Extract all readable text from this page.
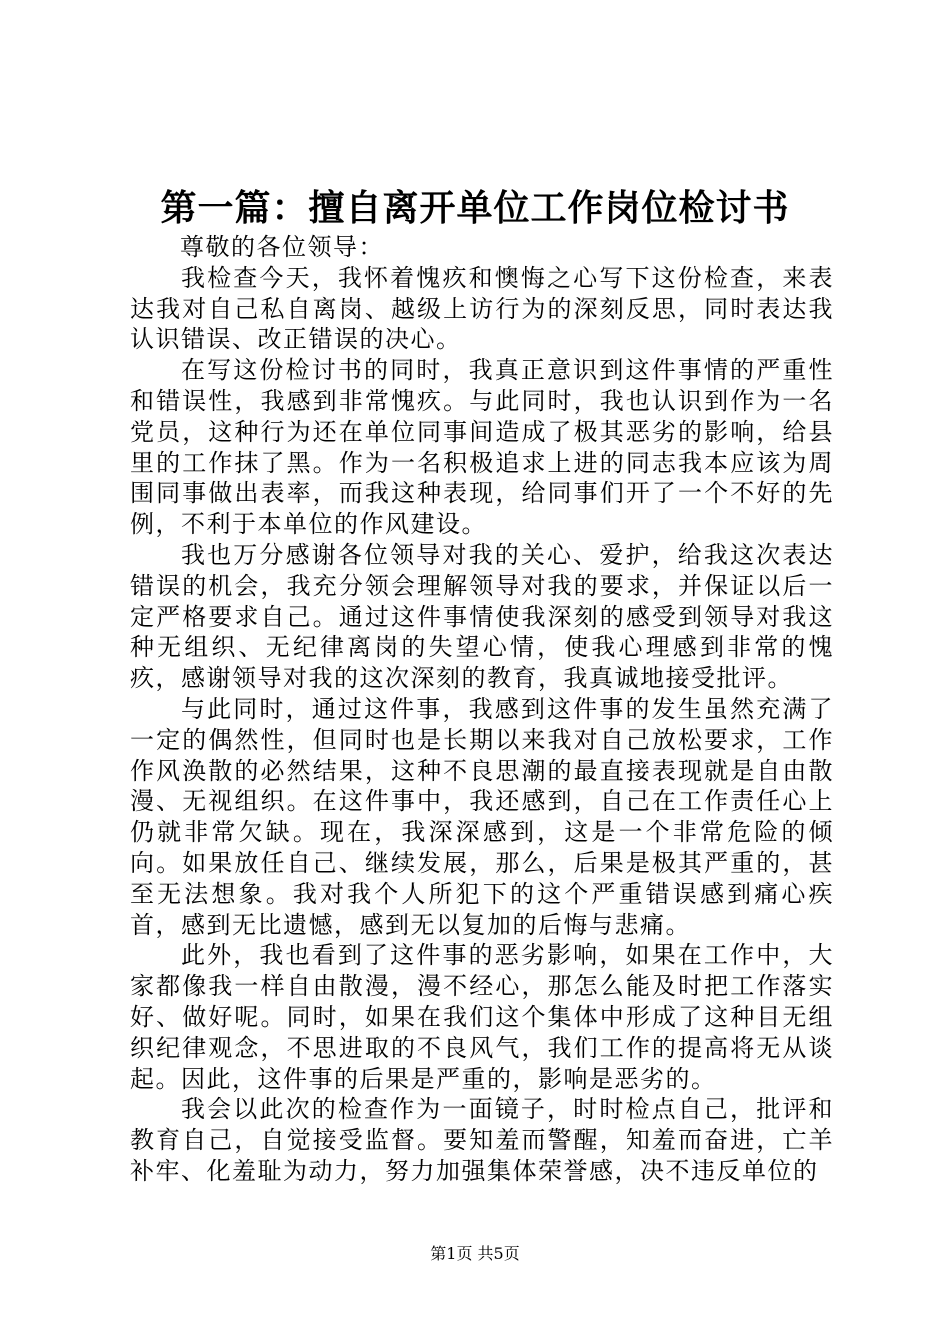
第一篇：擅自离开单位工作岗位检讨书

尊敬的各位领导：

我检查今天，我怀着愧疚和懊悔之心写下这份检查，来表达我对自己私自离岗、越级上访行为的深刻反思，同时表达我认识错误、改正错误的决心。

在写这份检讨书的同时，我真正意识到这件事情的严重性和错误性，我感到非常愧疚。与此同时，我也认识到作为一名党员，这种行为还在单位同事间造成了极其恶劣的影响，给县里的工作抹了黑。作为一名积极追求上进的同志我本应该为周围同事做出表率，而我这种表现，给同事们开了一个不好的先例，不利于本单位的作风建设。

我也万分感谢各位领导对我的关心、爱护，给我这次表达错误的机会，我充分领会理解领导对我的要求，并保证以后一定严格要求自己。通过这件事情使我深刻的感受到领导对我这种无组织、无纪律离岗的失望心情，使我心理感到非常的愧疚，感谢领导对我的这次深刻的教育，我真诚地接受批评。

与此同时，通过这件事，我感到这件事的发生虽然充满了一定的偶然性，但同时也是长期以来我对自己放松要求，工作作风涣散的必然结果，这种不良思潮的最直接表现就是自由散漫、无视组织。在这件事中，我还感到，自己在工作责任心上仍就非常欠缺。现在，我深深感到，这是一个非常危险的倾向。如果放任自己、继续发展，那么，后果是极其严重的，甚至无法想象。我对我个人所犯下的这个严重错误感到痛心疾首，感到无比遗憾，感到无以复加的后悔与悲痛。

此外，我也看到了这件事的恶劣影响，如果在工作中，大家都像我一样自由散漫，漫不经心，那怎么能及时把工作落实好、做好呢。同时，如果在我们这个集体中形成了这种目无组织纪律观念，不思进取的不良风气，我们工作的提高将无从谈起。因此，这件事的后果是严重的，影响是恶劣的。

我会以此次的检查作为一面镜子，时时检点自己，批评和教育自己，自觉接受监督。要知羞而警醒，知羞而奋进，亡羊补牢、化羞耻为动力，努力加强集体荣誉感，决不违反单位的

第1页 共5页
